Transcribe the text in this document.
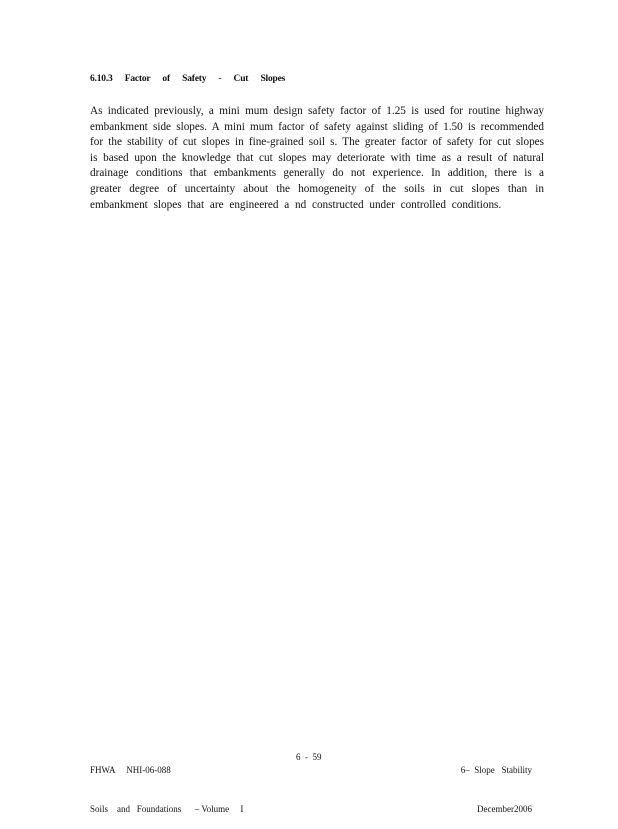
6.10.3 Factor of Safety - Cut Slopes
As indicated previously, a mini mum design safety factor of 1.25 is used for routine highway
embankment side slopes. A mini mum factor of safety against sliding of 1.50 is recommended
for the stability of cut slopes in fine-grained soil s. The greater factor of safety for cut slopes
is based upon the knowledge that cut slopes may deteriorate with time as a result of natural
drainage conditions that embankments generally do not experience. In addition, there is a
greater degree of uncertainty about the homogeneity of the soils in cut slopes than in
embankment slopes that are engineered a nd constructed under controlled conditions.

FHWA     NHI-06-088

Soils    and   Foundations      – Volume     I

6  -  59

6–  Slope   Stability

December2006
